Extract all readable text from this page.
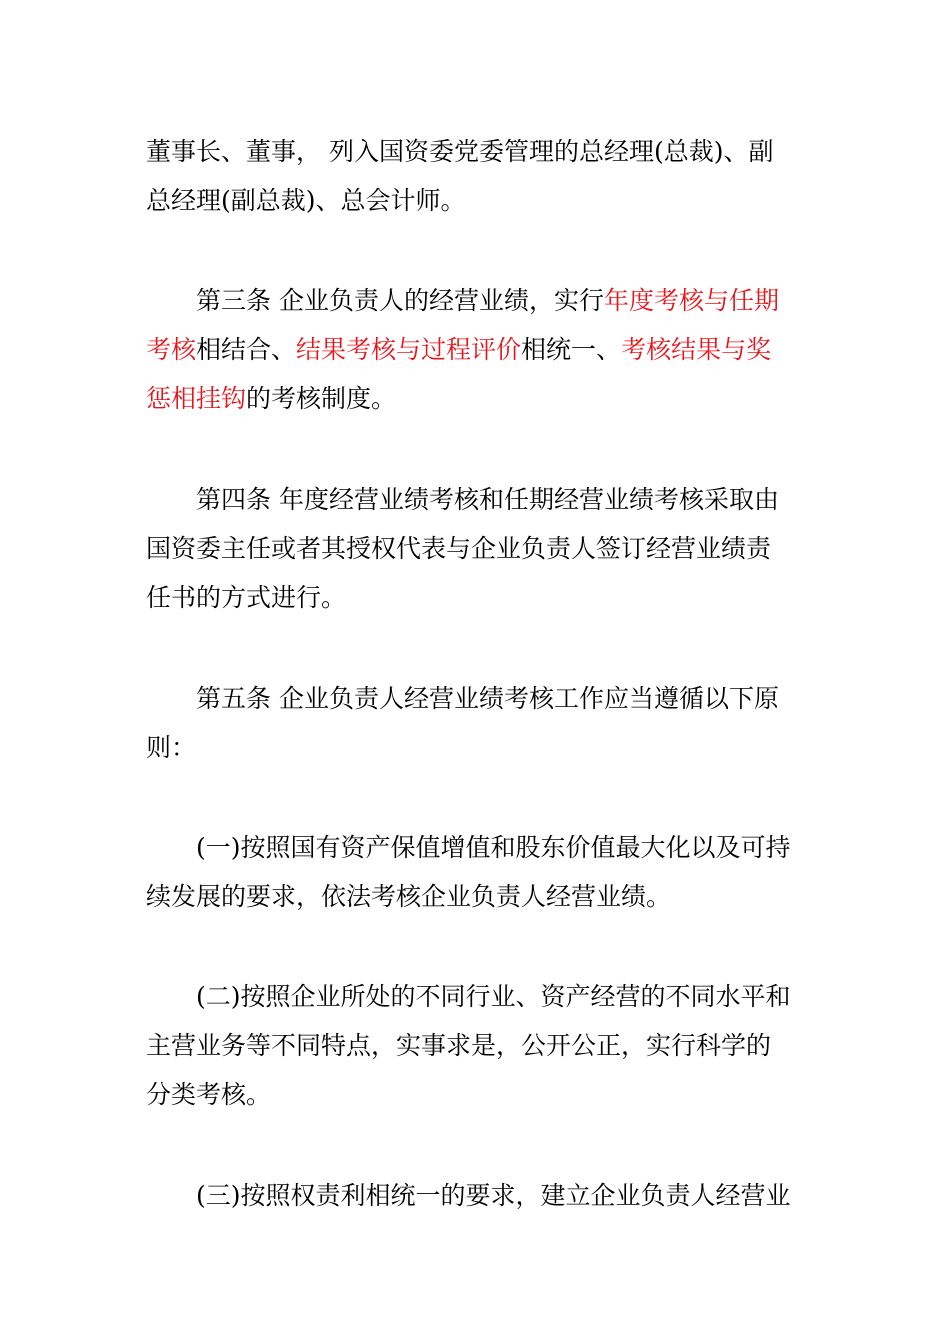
董事长、董事， 列入国资委党委管理的总经理(总裁)、副
总经理(副总裁)、总会计师。
第三条 企业负责人的经营业绩，实行年度考核与任期
考核相结合、结果考核与过程评价相统一、考核结果与奖
惩相挂钩的考核制度。
第四条 年度经营业绩考核和任期经营业绩考核采取由
国资委主任或者其授权代表与企业负责人签订经营业绩责
任书的方式进行。
第五条 企业负责人经营业绩考核工作应当遵循以下原
则：
(一)按照国有资产保值增值和股东价值最大化以及可持
续发展的要求，依法考核企业负责人经营业绩。
(二)按照企业所处的不同行业、资产经营的不同水平和
主营业务等不同特点，实事求是，公开公正，实行科学的
分类考核。
(三)按照权责利相统一的要求，建立企业负责人经营业
